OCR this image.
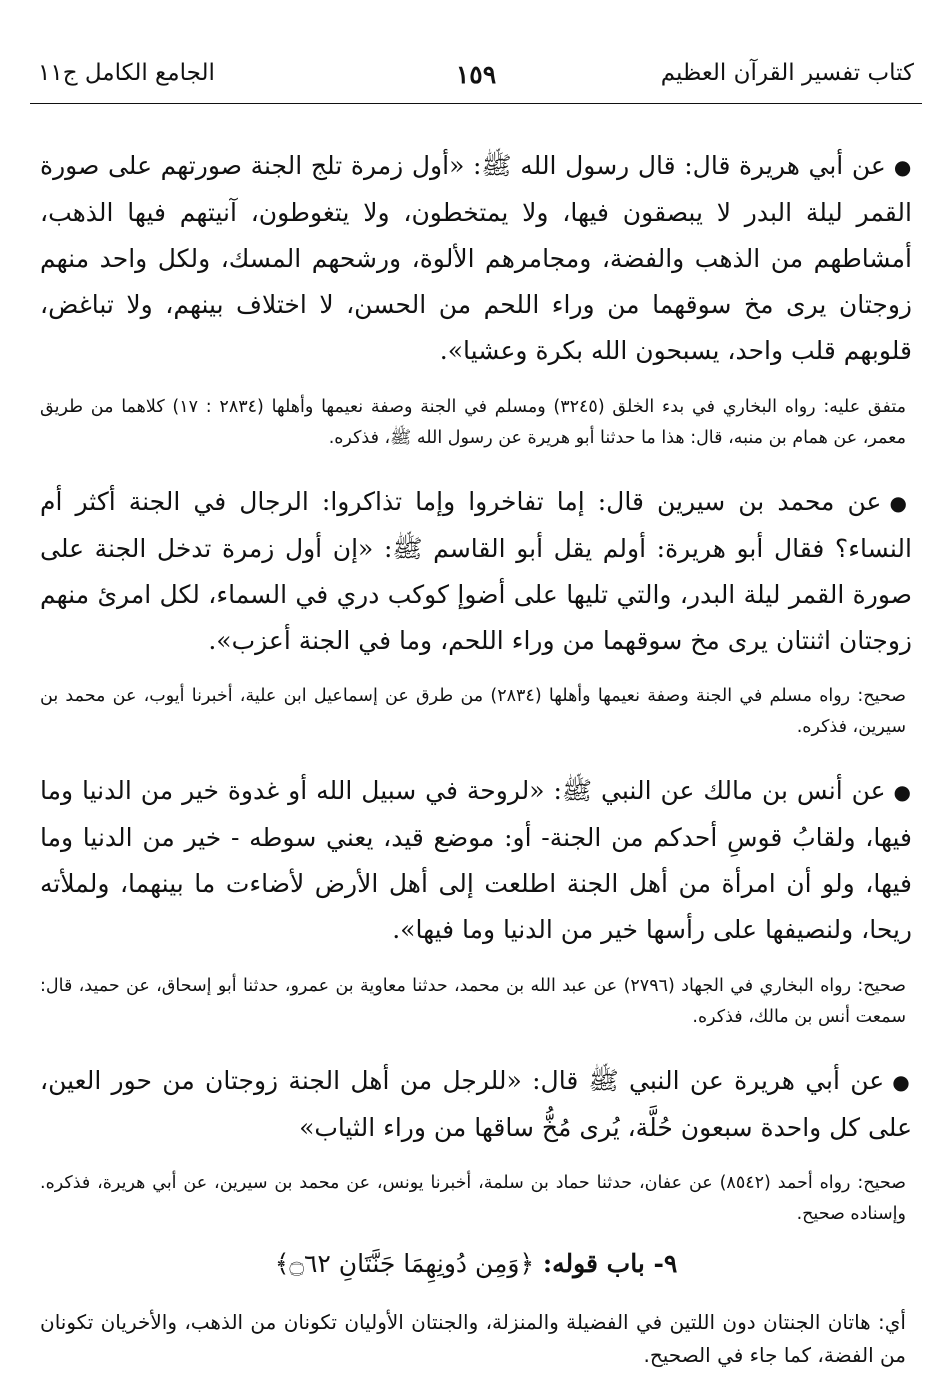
كتاب تفسير القرآن العظيم
١٥٩
الجامع الكامل ج١١

●عن أبي هريرة قال: قال رسول الله ﷺ: «أول زمرة تلج الجنة صورتهم على صورة القمر ليلة البدر لا يبصقون فيها، ولا يمتخطون، ولا يتغوطون، آنيتهم فيها الذهب، أمشاطهم من الذهب والفضة، ومجامرهم الألوة، ورشحهم المسك، ولكل واحد منهم زوجتان يرى مخ سوقهما من وراء اللحم من الحسن، لا اختلاف بينهم، ولا تباغض، قلوبهم قلب واحد، يسبحون الله بكرة وعشيا».

متفق عليه: رواه البخاري في بدء الخلق (٣٢٤٥) ومسلم في الجنة وصفة نعيمها وأهلها (٢٨٣٤ : ١٧) كلاهما من طريق معمر، عن همام بن منبه، قال: هذا ما حدثنا أبو هريرة عن رسول الله ﷺ، فذكره.

●عن محمد بن سيرين قال: إما تفاخروا وإما تذاكروا: الرجال في الجنة أكثر أم النساء؟ فقال أبو هريرة: أولم يقل أبو القاسم ﷺ: «إن أول زمرة تدخل الجنة على صورة القمر ليلة البدر، والتي تليها على أضوإ كوكب دري في السماء، لكل امرئ منهم زوجتان اثنتان يرى مخ سوقهما من وراء اللحم، وما في الجنة أعزب».

صحيح: رواه مسلم في الجنة وصفة نعيمها وأهلها (٢٨٣٤) من طرق عن إسماعيل ابن علية، أخبرنا أيوب، عن محمد بن سيرين، فذكره.

●عن أنس بن مالك عن النبي ﷺ: «لروحة في سبيل الله أو غدوة خير من الدنيا وما فيها، ولقابُ قوسِ أحدكم من الجنة- أو: موضع قيد، يعني سوطه - خير من الدنيا وما فيها، ولو أن امرأة من أهل الجنة اطلعت إلى أهل الأرض لأضاءت ما بينهما، ولملأته ريحا، ولنصيفها على رأسها خير من الدنيا وما فيها».

صحيح: رواه البخاري في الجهاد (٢٧٩٦) عن عبد الله بن محمد، حدثنا معاوية بن عمرو، حدثنا أبو إسحاق، عن حميد، قال: سمعت أنس بن مالك، فذكره.

●عن أبي هريرة عن النبي ﷺ قال: «للرجل من أهل الجنة زوجتان من حور العين، على كل واحدة سبعون حُلَّة، يُرى مُخُّ ساقها من وراء الثياب»

صحيح: رواه أحمد (٨٥٤٢) عن عفان، حدثنا حماد بن سلمة، أخبرنا يونس، عن محمد بن سيرين، عن أبي هريرة، فذكره. وإسناده صحيح.

٩- باب قوله: ﴿وَمِن دُونِهِمَا جَنَّتَانِ ۝٦٢﴾

أي: هاتان الجنتان دون اللتين في الفضيلة والمنزلة، والجنتان الأوليان تكونان من الذهب، والأخريان تكونان من الفضة، كما جاء في الصحيح.
